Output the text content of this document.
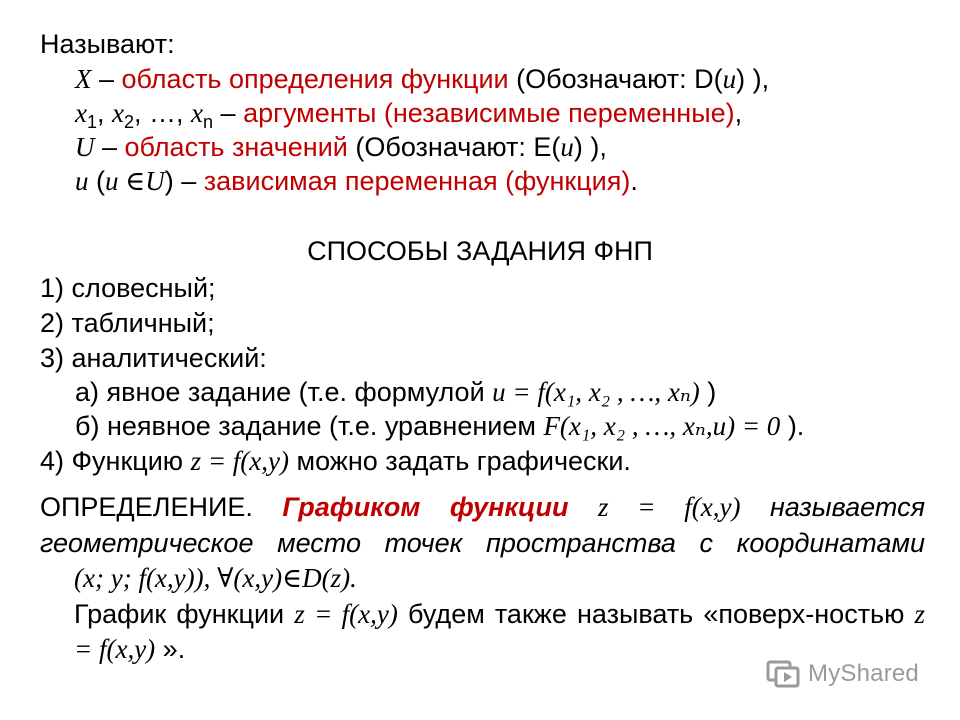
Называют:
X – область определения функции (Обозначают: D(u) ),
$x_1$, $x_2$, …, $x_n$ – аргументы (независимые переменные),
U – область значений (Обозначают: E(u) ),
u (u ∈U) – зависимая переменная (функция).
СПОСОБЫ ЗАДАНИЯ ФНП
1) словесный;
2) табличный;
3) аналитический:
а) явное задание (т.е. формулой u = f(x₁, x₂ , …, xₙ) )
б) неявное задание (т.е. уравнением F(x₁, x₂ , …, xₙ,u) = 0 ).
4) Функцию z = f(x,y) можно задать графически.

ОПРЕДЕЛЕНИЕ. Графиком функции z = f(x,y) называется геометрическое место точек пространства с координатами

(x; y; f(x,y)), ∀(x,y)∈D(z).

График функции z = f(x,y) будем также называть «поверх-ностью z = f(x,y) ».

MyShared
